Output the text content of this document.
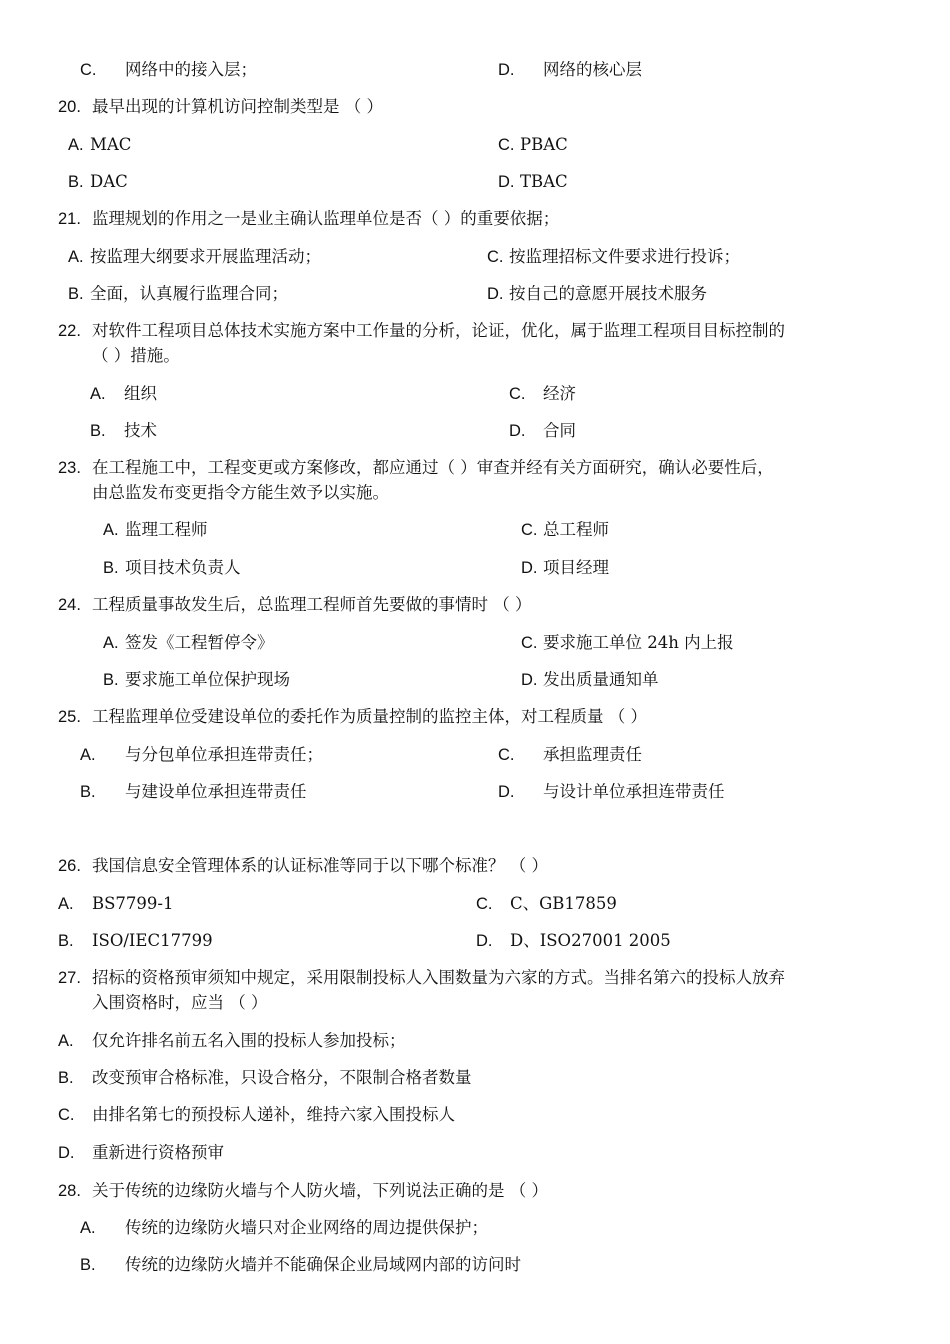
C. 网络中的接入层；	D. 网络的核心层
20. 最早出现的计算机访问控制类型是 （ ）
A. MAC	C. PBAC
B. DAC	D. TBAC
21. 监理规划的作用之一是业主确认监理单位是否（ ）的重要依据；
A. 按监理大纲要求开展监理活动；	C. 按监理招标文件要求进行投诉；
B. 全面，认真履行监理合同；	D. 按自己的意愿开展技术服务
22. 对软件工程项目总体技术实施方案中工作量的分析，论证，优化，属于监理工程项目目标控制的
（ ）措施。
A. 组织	C. 经济
B. 技术	D. 合同
23. 在工程施工中，工程变更或方案修改，都应通过（ ）审查并经有关方面研究，确认必要性后，
由总监发布变更指令方能生效予以实施。
A. 监理工程师	C. 总工程师
B. 项目技术负责人	D. 项目经理
24. 工程质量事故发生后，总监理工程师首先要做的事情时 （ ）
A. 签发《工程暂停令》	C. 要求施工单位 24h 内上报
B. 要求施工单位保护现场	D. 发出质量通知单
25. 工程监理单位受建设单位的委托作为质量控制的监控主体，对工程质量 （ ）
A. 与分包单位承担连带责任；	C. 承担监理责任
B. 与建设单位承担连带责任	D. 与设计单位承担连带责任
26. 我国信息安全管理体系的认证标准等同于以下哪个标准？ （ ）
A. BS7799-1	C. C、GB17859
B. ISO/IEC17799	D. D、ISO27001 2005
27. 招标的资格预审须知中规定，采用限制投标人入围数量为六家的方式。当排名第六的投标人放弃
入围资格时，应当 （ ）
A. 仅允许排名前五名入围的投标人参加投标；
B. 改变预审合格标准，只设合格分，不限制合格者数量
C. 由排名第七的预投标人递补，维持六家入围投标人
D. 重新进行资格预审
28. 关于传统的边缘防火墙与个人防火墙，下列说法正确的是 （ ）
A. 传统的边缘防火墙只对企业网络的周边提供保护；
B. 传统的边缘防火墙并不能确保企业局域网内部的访问时
